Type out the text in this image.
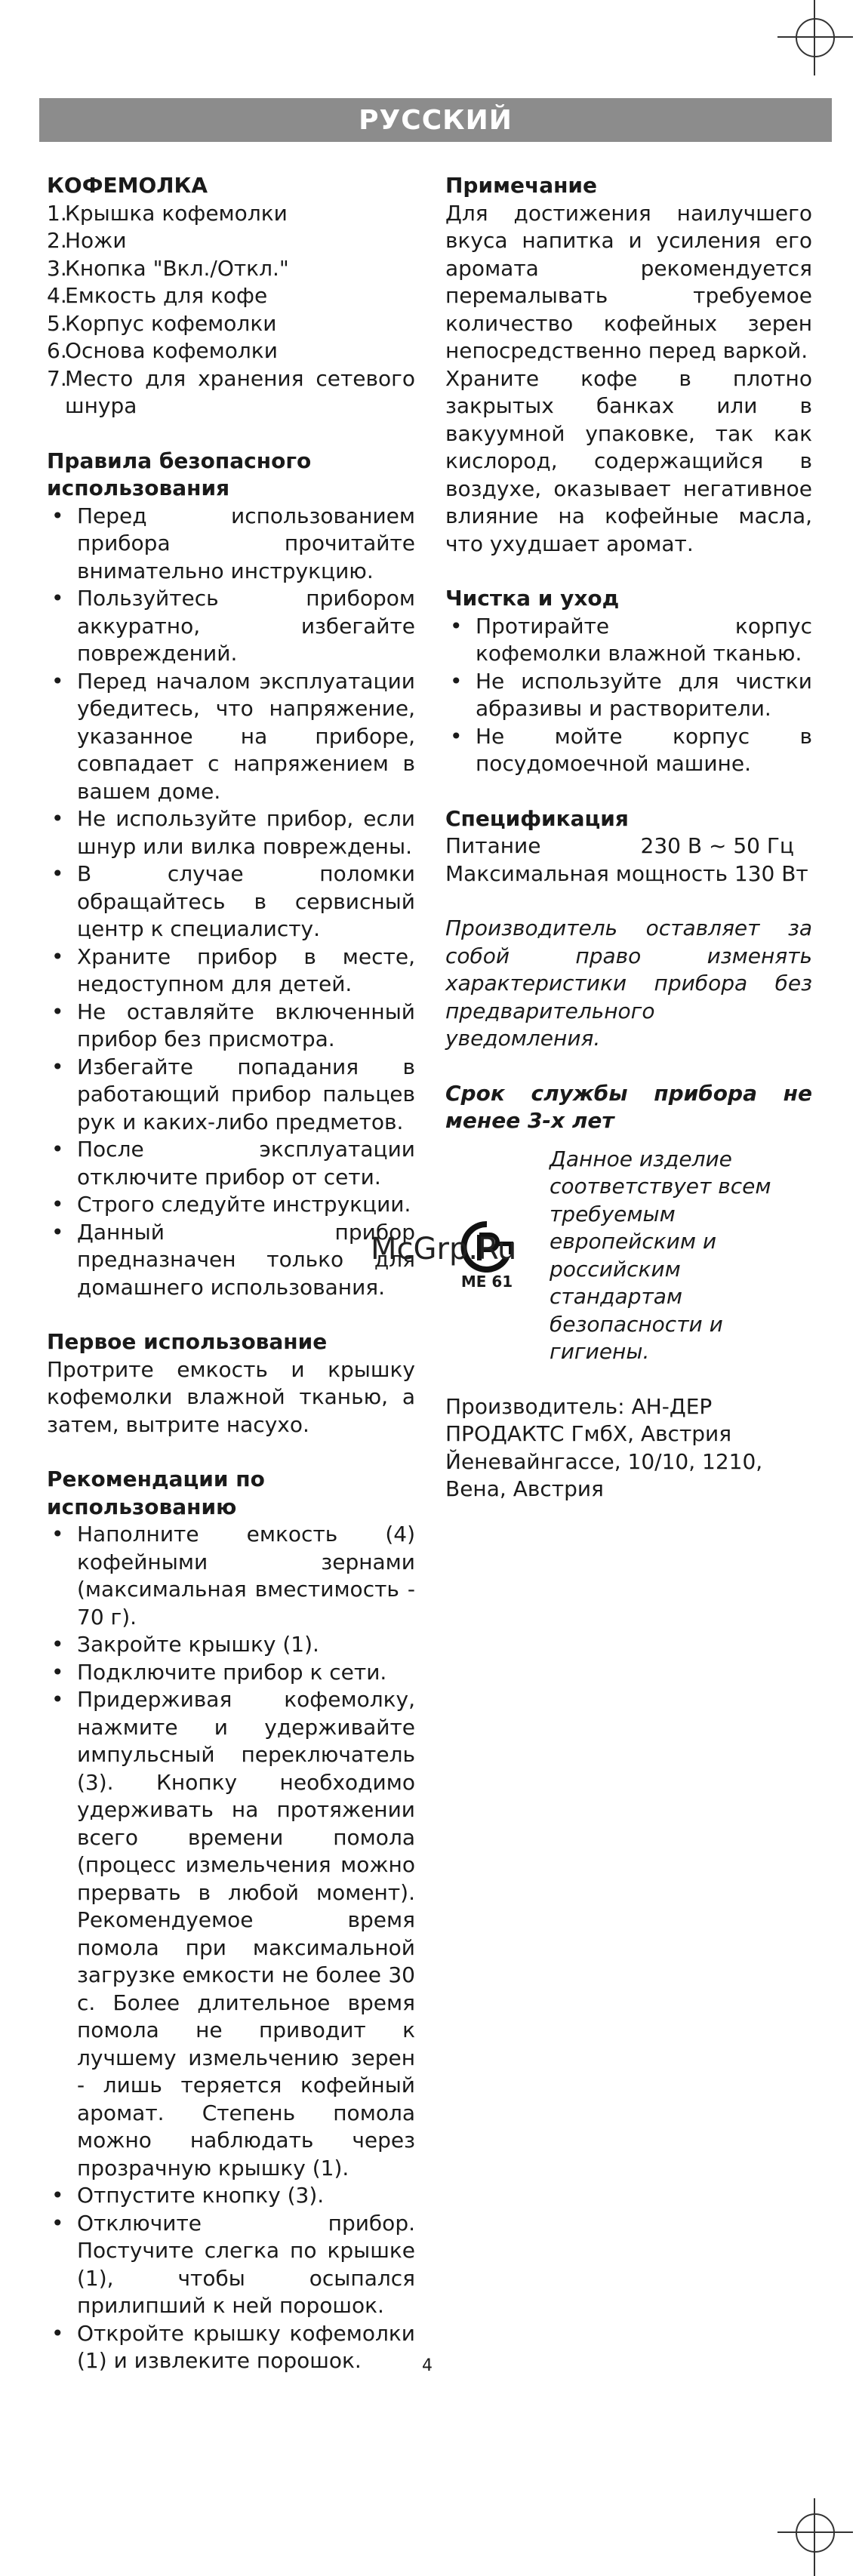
РУССКИЙ
КОФЕМОЛКА
1.
Крышка кофемолки
2.
Ножи
3.
Кнопка "Вкл./Откл."
4.
Емкость для кофе
5.
Корпус кофемолки
6.
Основа кофемолки
7.
Место для хранения сетевого шнура
Правила безопасного использования
• Перед использованием прибора прочитайте внимательно инструкцию.
• Пользуйтесь прибором аккуратно, избегайте повреждений.
• Перед началом эксплуатации убедитесь, что напряжение, указанное на приборе, совпадает с напряжением в вашем доме.
• Не используйте прибор, если шнур или вилка повреждены.
• В случае поломки обращайтесь в сервисный центр к специалисту.
• Храните прибор в месте, недоступном для детей.
• Не оставляйте включенный прибор без присмотра.
• Избегайте попадания в работающий прибор пальцев рук и каких-либо предметов.
• После эксплуатации отключите прибор от сети.
• Строго следуйте инструкции.
• Данный прибор предназначен только для домашнего использования.
Первое использование

Протрите емкость и крышку кофемолки влажной тканью, а затем, вытрите насухо.

Рекомендации по использованию
• Наполните емкость (4) кофейными зернами (максимальная вместимость - 70 г).
• Закройте крышку (1).
• Подключите прибор к сети.
• Придерживая кофемолку, нажмите и удерживайте импульсный переключатель (3). Кнопку необходимо удерживать на протяжении всего времени помола (процесс измельчения можно прервать в любой момент). Рекомендуемое время помола при максимальной загрузке емкости не более 30 с. Более длительное время помола не приводит к лучшему измельчению зерен - лишь теряется кофейный аромат. Степень помола можно наблюдать через прозрачную крышку (1).
• Отпустите кнопку (3).
• Отключите прибор. Постучите слегка по крышке (1), чтобы осыпался прилипший к ней порошок.
• Откройте крышку кофемолки (1) и извлеките порошок.
Примечание

Для достижения наилучшего вкуса напитка и усиления его аромата рекомендуется перемалывать требуемое количество кофейных зерен непосредственно перед варкой.

Храните кофе в плотно закрытых банках или в вакуумной упаковке, так как кислород, содержащийся в воздухе, оказывает негативное влияние на кофейные масла, что ухудшает аромат.

Чистка и уход
• Протирайте корпус кофемолки влажной тканью.
• Не используйте для чистки абразивы и растворители.
• Не мойте корпус в посудомоечной машине.
Спецификация
Питание	230 В ~ 50 Гц
Максимальная мощность 130 Вт

Производитель оставляет за собой право изменять характеристики прибора без предварительного уведомления.

Срок службы прибора не менее 3-х лет

МЕ 61
Данное изделие соответствует всем требуемым европейским и российским стандартам безопасности и гигиены.

Производитель: АН-ДЕР ПРОДАКТС ГмбХ, Австрия Йеневайнгассе, 10/10, 1210, Вена, Австрия

McGrp.Ru
4
